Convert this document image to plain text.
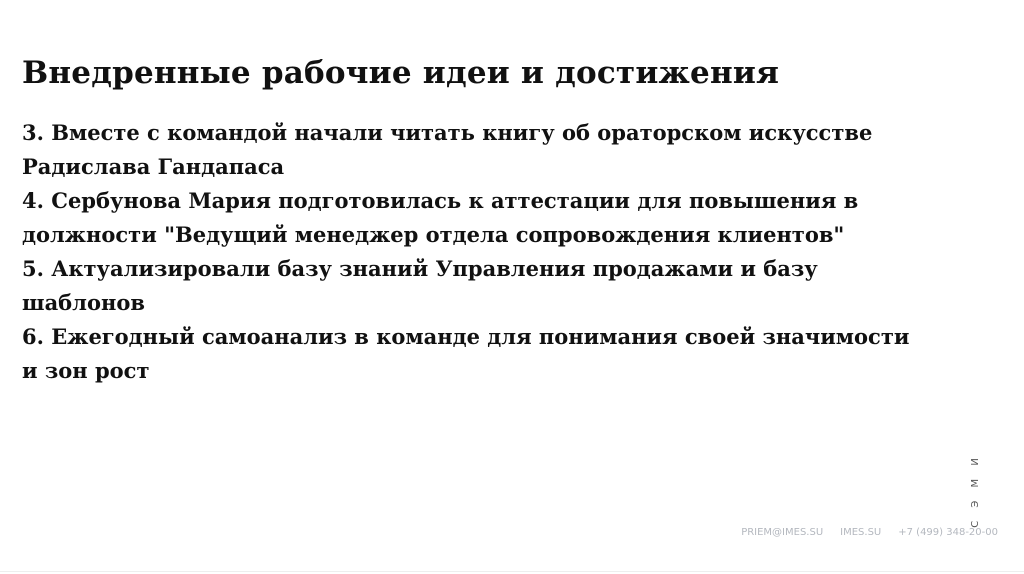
Внедренные рабочие идеи и достижения
3. Вместе с командой начали читать книгу об ораторском искусстве Радислава Гандапаса
4. Сербунова Мария подготовилась к аттестации для повышения в должности "Ведущий менеджер отдела сопровождения клиентов"
5. Актуализировали базу знаний Управления продажами и базу шаблонов
6. Ежегодный самоанализ в команде для понимания своей значимости и зон рост
С Э М И
PRIEM@IMES.SU IMES.SU +7 (499) 348-20-00
